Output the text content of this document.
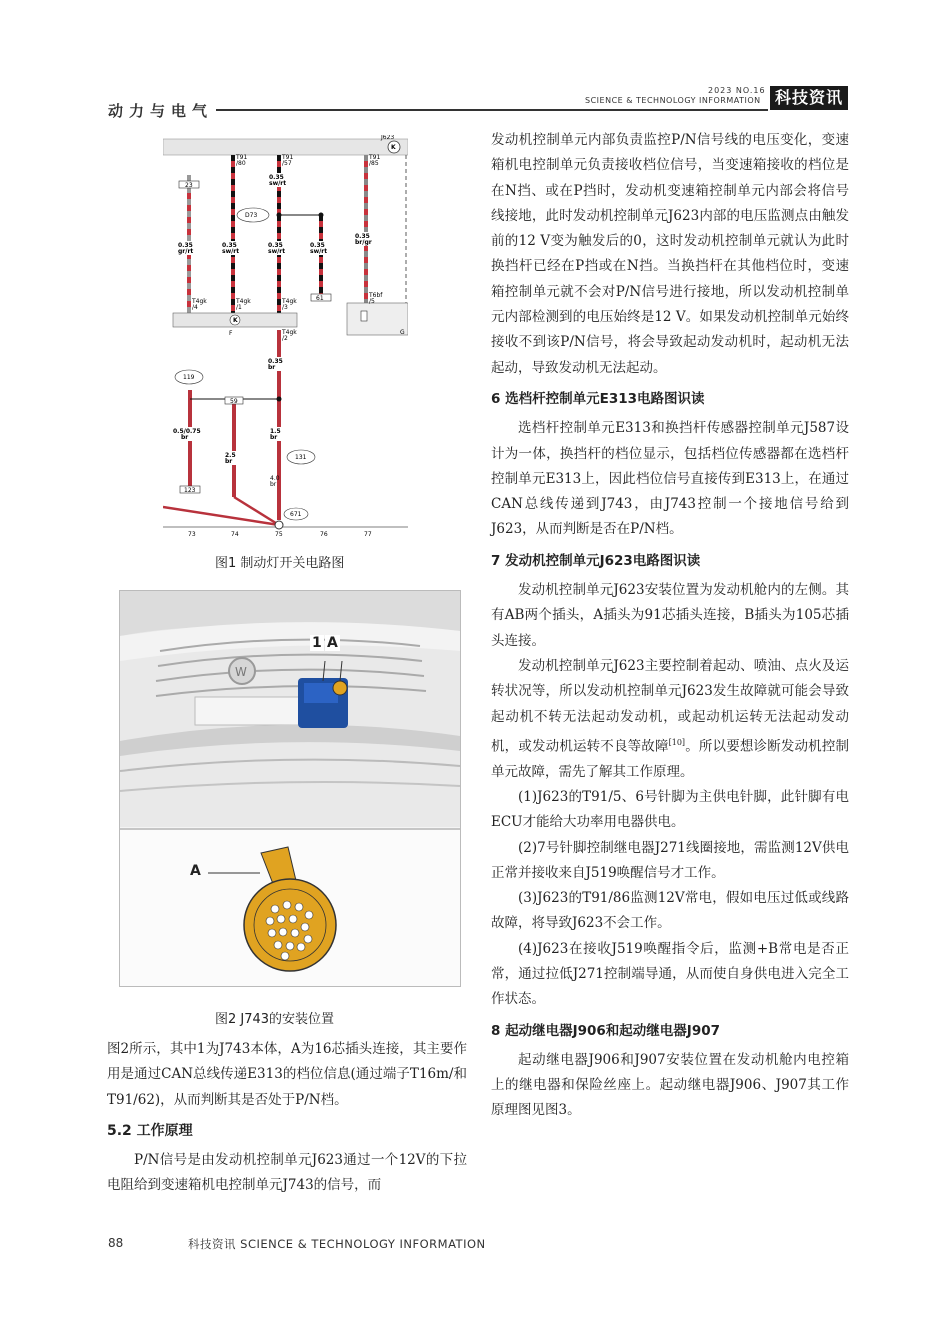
动力与电气
2023 NO.16
SCIENCE & TECHNOLOGY INFORMATION 科技资讯
J623
K
T91 /80
T91 /57
T91 /85
0.35 sw/rt
0.35 gr/rt
0.35 sw/rt
0.35 sw/rt
0.35 sw/rt
0.35 br/gr
0.35 br
0.5/0.75 br
1.5 br
2.5 br
4.0 br
23
61
59
123
D73
119
131
671
K
F
T4gk /4
T4gk /1
T4gk /3
T4gk /2
G
T6bf /5
73	74	75	76	77
图1 制动灯开关电路图
W
1 A
A
图2 J743的安装位置

图2所示，其中1为J743本体，A为16芯插头连接，其主要作用是通过CAN总线传递E313的档位信息(通过端子T16m/和T91/62)，从而判断其是否处于P/N档。

5.2 工作原理

P/N信号是由发动机控制单元J623通过一个12V的下拉电阻给到变速箱机电控制单元J743的信号，而

发动机控制单元内部负责监控P/N信号线的电压变化，变速箱机电控制单元负责接收档位信号，当变速箱接收的档位是在N挡、或在P挡时，发动机变速箱控制单元内部会将信号线接地，此时发动机控制单元J623内部的电压监测点由触发前的12 V变为触发后的0，这时发动机控制单元就认为此时换挡杆已经在P挡或在N挡。当换挡杆在其他档位时，变速箱控制单元就不会对P/N信号进行接地，所以发动机控制单元内部检测到的电压始终是12 V。如果发动机控制单元始终接收不到该P/N信号，将会导致起动发动机时，起动机无法起动，导致发动机无法起动。

6 选档杆控制单元E313电路图识读

选档杆控制单元E313和换挡杆传感器控制单元J587设计为一体，换挡杆的档位显示，包括档位传感器都在选档杆控制单元E313上，因此档位信号直接传到E313上，在通过CAN总线传递到J743，由J743控制一个接地信号给到J623，从而判断是否在P/N档。

7 发动机控制单元J623电路图识读

发动机控制单元J623安装位置为发动机舱内的左侧。其有AB两个插头，A插头为91芯插头连接，B插头为105芯插头连接。

发动机控制单元J623主要控制着起动、喷油、点火及运转状况等，所以发动机控制单元J623发生故障就可能会导致起动机不转无法起动发动机，或起动机运转无法起动发动机，或发动机运转不良等故障[10]。所以要想诊断发动机控制单元故障，需先了解其工作原理。

(1)J623的T91/5、6号针脚为主供电针脚，此针脚有电ECU才能给大功率用电器供电。

(2)7号针脚控制继电器J271线圈接地，需监测12V供电正常并接收来自J519唤醒信号才工作。

(3)J623的T91/86监测12V常电，假如电压过低或线路故障，将导致J623不会工作。

(4)J623在接收J519唤醒指令后，监测+B常电是否正常，通过拉低J271控制端导通，从而使自身供电进入完全工作状态。

8 起动继电器J906和起动继电器J907

起动继电器J906和J907安装位置在发动机舱内电控箱上的继电器和保险丝座上。起动继电器J906、J907其工作原理图见图3。

88	科技资讯 SCIENCE & TECHNOLOGY INFORMATION
